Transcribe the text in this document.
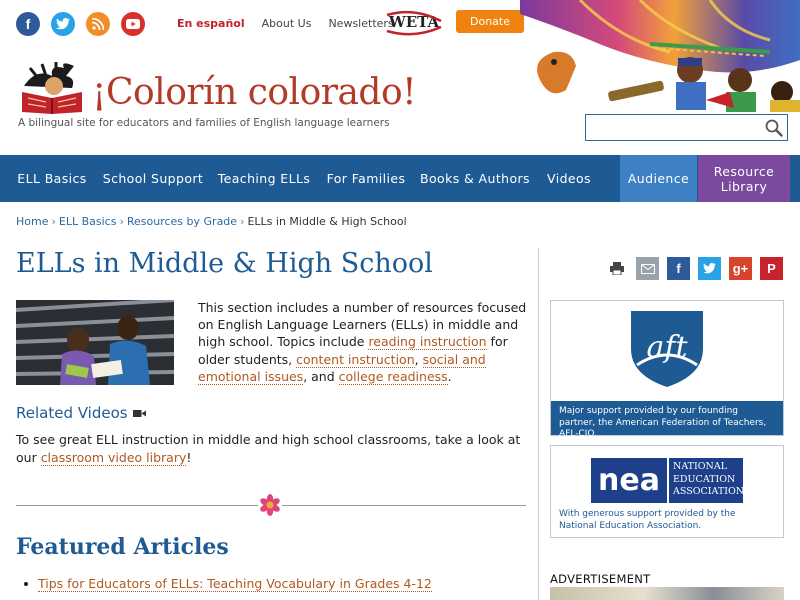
f	En español About Us Newsletters
WETA	Donate
¡Colorín colorado!
A bilingual site for educators and families of English language learners
ELL Basics	School Support	Teaching ELLs	For Families	Books & Authors	Videos	Audience	Resource
Library
Home › ELL Basics › Resources by Grade › ELLs in Middle & High School
ELLs in Middle & High School

This section includes a number of resources focused on English Language Learners (ELLs) in middle and high school. Topics include reading instruction for older students, content instruction, social and emotional issues, and college readiness.

Related Videos

To see great ELL instruction in middle and high school classrooms, take a look at our classroom video library!

Featured Articles
Tips for Educators of ELLs: Teaching Vocabulary in Grades 4-12
f	g+	P
aft
Major support provided by our founding partner, the American Federation of Teachers, AFL-CIO.
nea	NATIONAL
EDUCATION
ASSOCIATION
With generous support provided by the National Education Association.
ADVERTISEMENT
